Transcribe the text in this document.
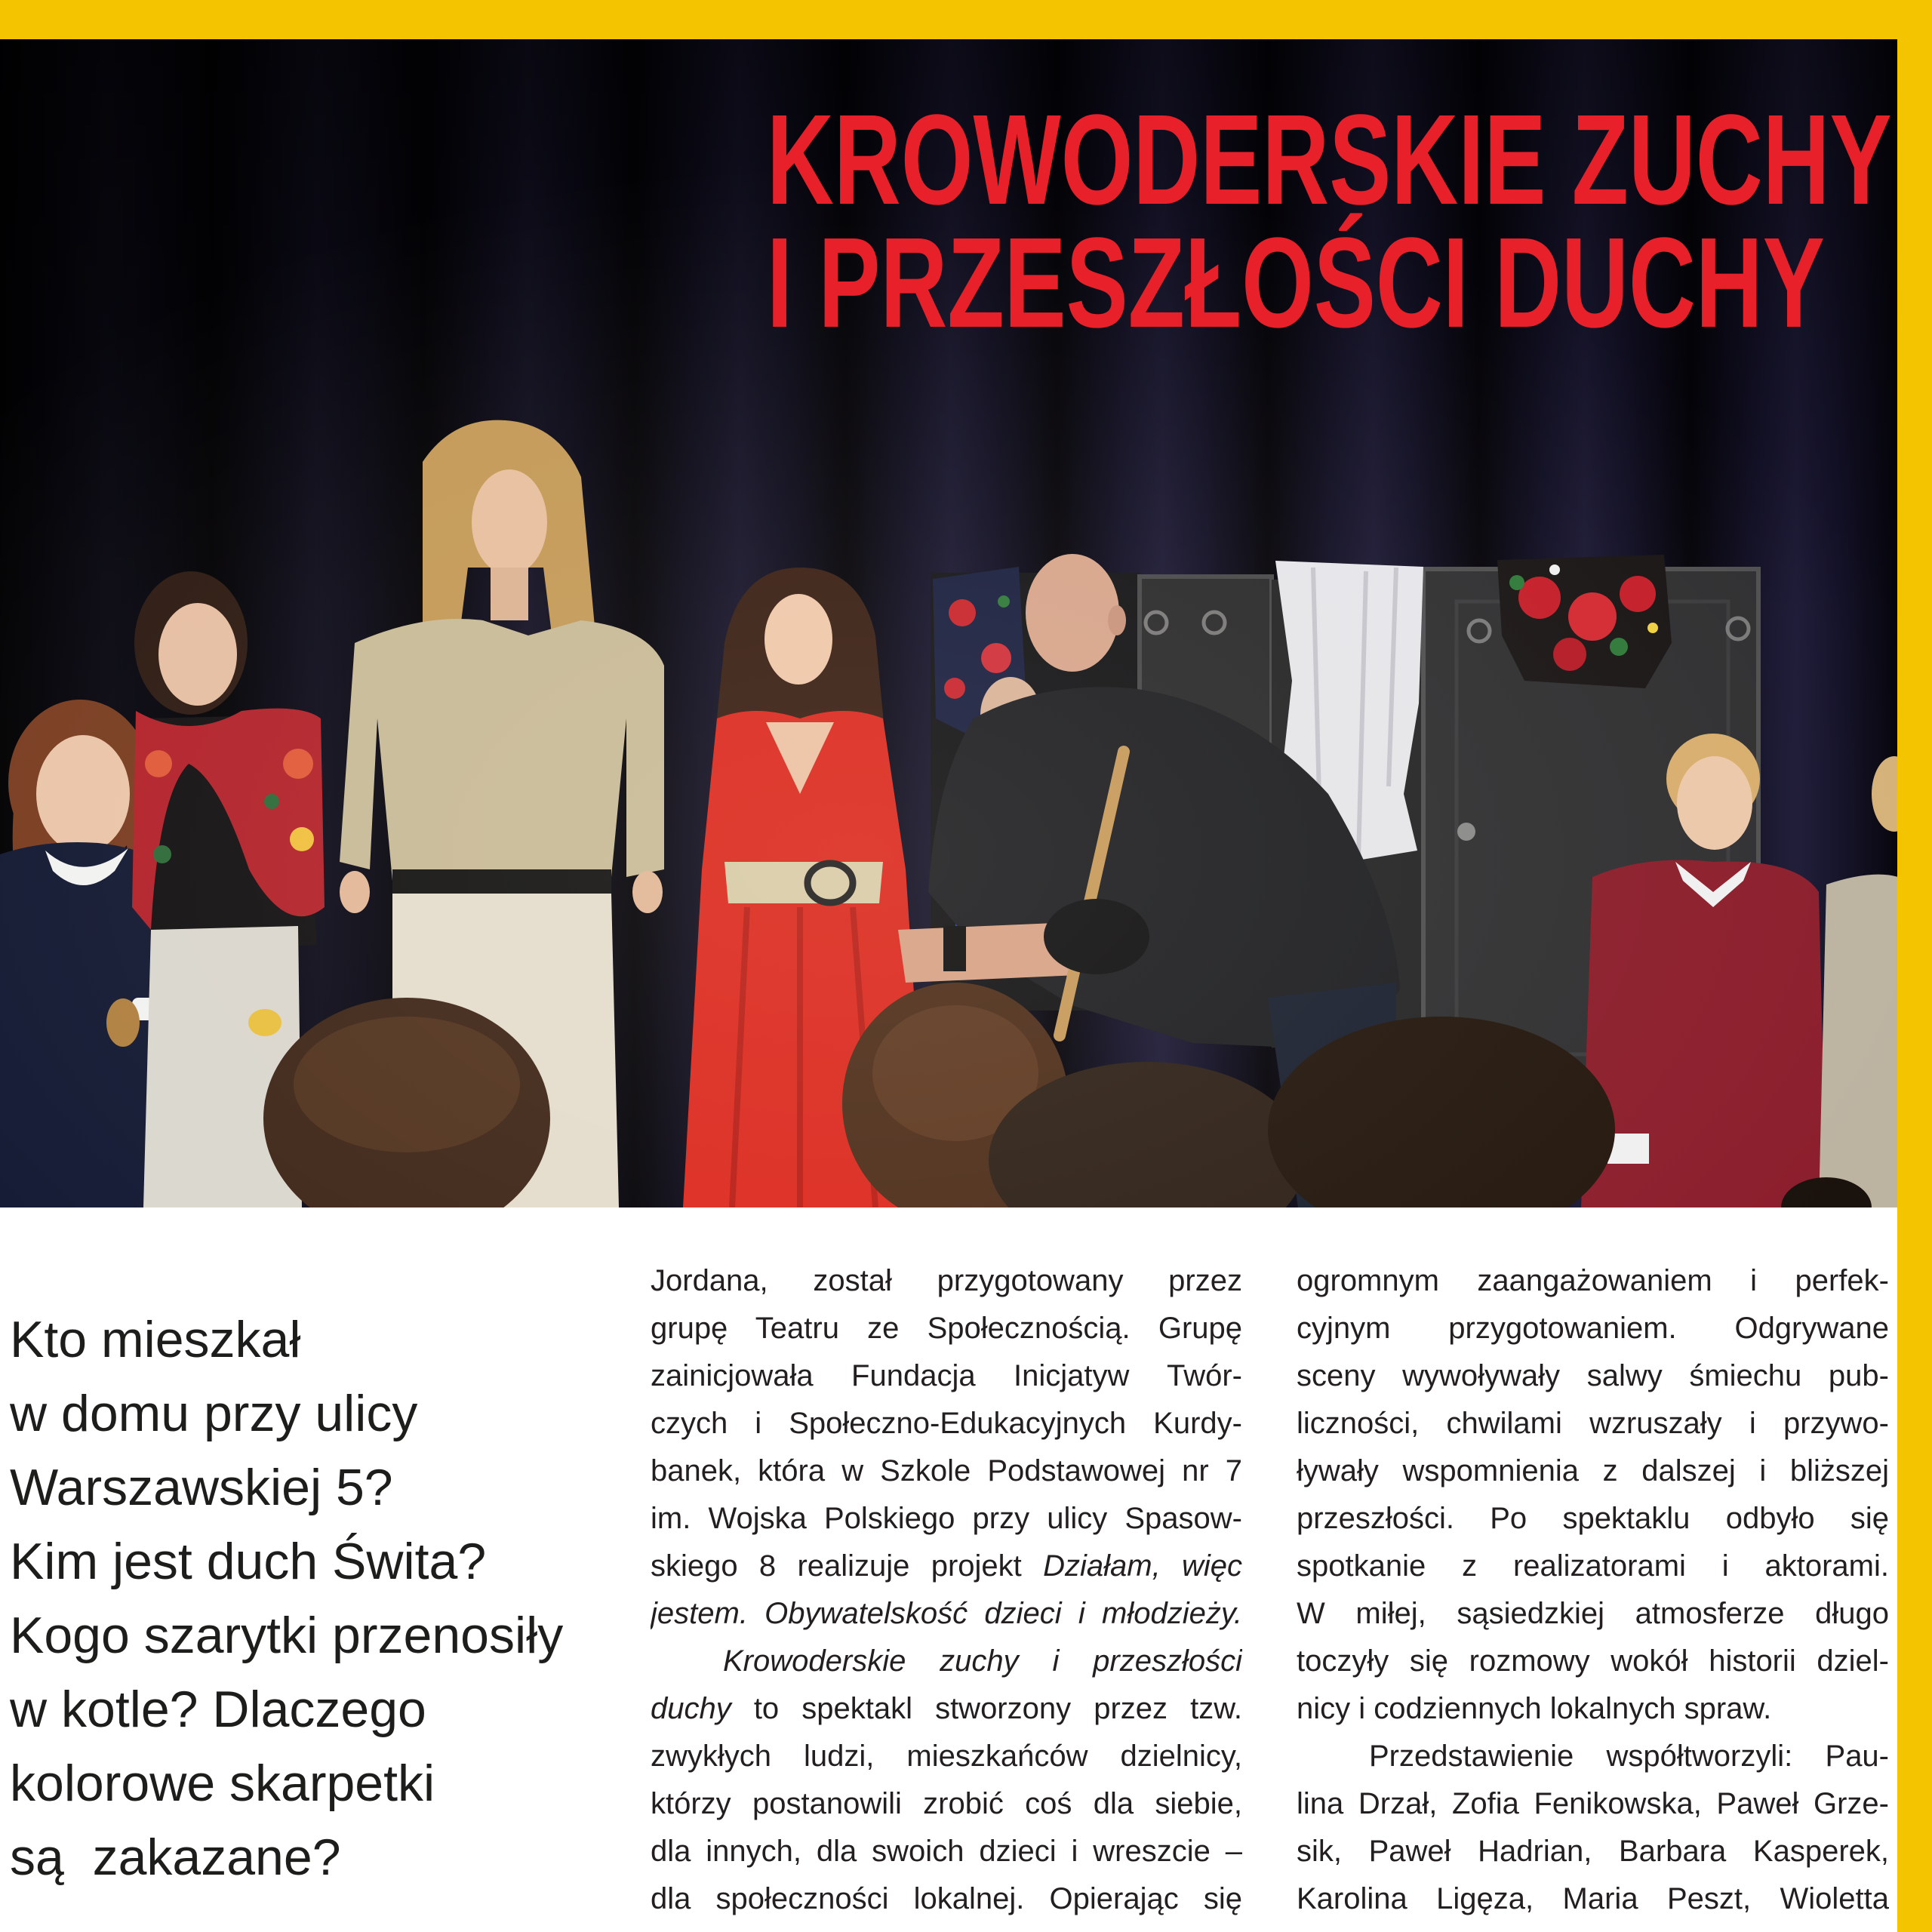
KROWODERSKIE ZUCHY
I PRZESZŁOŚCI DUCHY
Kto mieszkał
w domu przy ulicy
Warszawskiej 5?
Kim jest duch Świta?
Kogo szarytki przenosiły
w kotle? Dlaczego
kolorowe skarpetki
są  zakazane?
Jordana, został przygotowany przez
grupę Teatru ze Społecznością. Grupę
zainicjowała Fundacja Inicjatyw Twór-
czych i Społeczno-Edukacyjnych Kurdy-
banek, która w Szkole Podstawowej nr 7
im. Wojska Polskiego przy ulicy Spasow-
skiego 8 realizuje projekt Działam, więc
jestem. Obywatelskość dzieci i młodzieży.
Krowoderskie zuchy i przeszłości
duchy to spektakl stworzony przez tzw.
zwykłych ludzi, mieszkańców dzielnicy,
którzy postanowili zrobić coś dla siebie,
dla innych, dla swoich dzieci i wreszcie –
dla społeczności lokalnej. Opierając się
ogromnym zaangażowaniem i perfek-
cyjnym przygotowaniem. Odgrywane
sceny wywoływały salwy śmiechu pub-
liczności, chwilami wzruszały i przywo-
ływały wspomnienia z dalszej i bliższej
przeszłości. Po spektaklu odbyło się
spotkanie z realizatorami i aktorami.
W miłej, sąsiedzkiej atmosferze długo
toczyły się rozmowy wokół historii dziel-
nicy i codziennych lokalnych spraw.
Przedstawienie współtworzyli: Pau-
lina Drzał, Zofia Fenikowska, Paweł Grze-
sik, Paweł Hadrian, Barbara Kasperek,
Karolina Ligęza, Maria Peszt, Wioletta
